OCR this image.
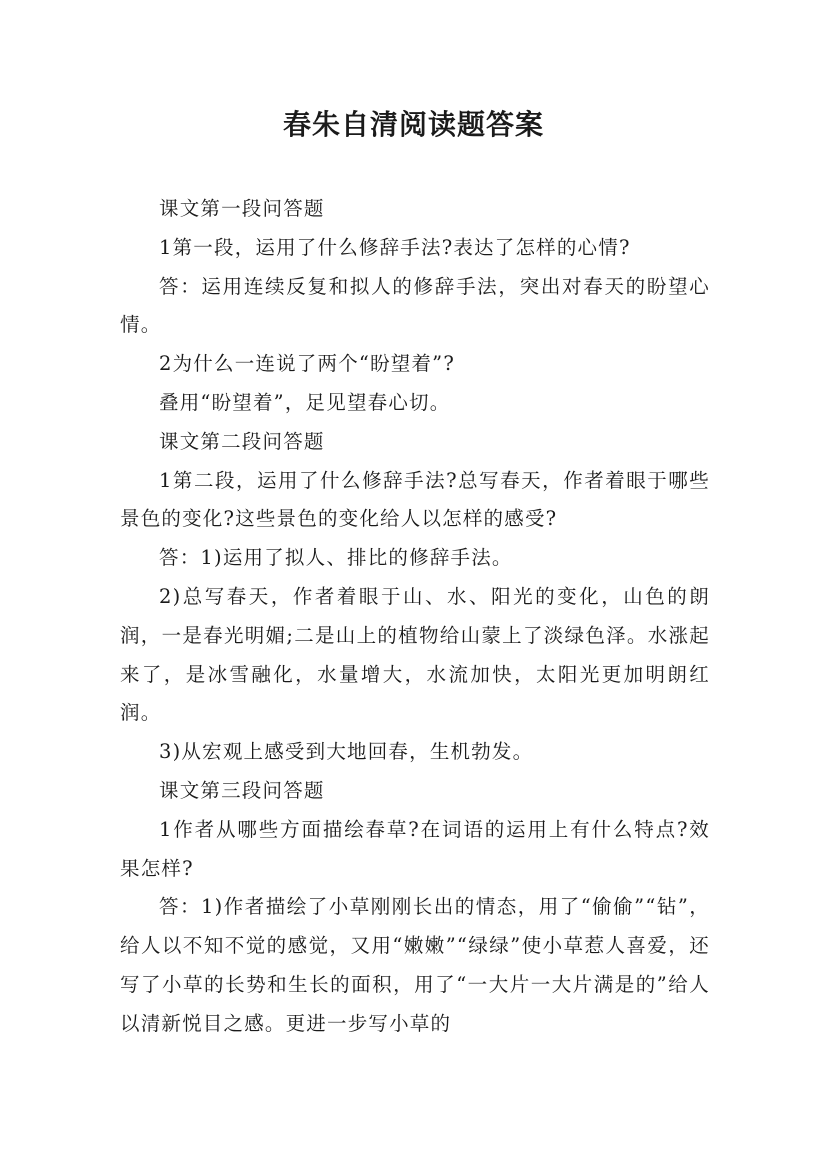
春朱自清阅读题答案

课文第一段问答题

1第一段，运用了什么修辞手法?表达了怎样的心情?

答：运用连续反复和拟人的修辞手法，突出对春天的盼望心情。

2为什么一连说了两个“盼望着”?

叠用“盼望着”，足见望春心切。

课文第二段问答题

1第二段，运用了什么修辞手法?总写春天，作者着眼于哪些景色的变化?这些景色的变化给人以怎样的感受?

答：1)运用了拟人、排比的修辞手法。

2)总写春天，作者着眼于山、水、阳光的变化，山色的朗润，一是春光明媚;二是山上的植物给山蒙上了淡绿色泽。水涨起来了，是冰雪融化，水量增大，水流加快，太阳光更加明朗红润。

3)从宏观上感受到大地回春，生机勃发。

课文第三段问答题

1作者从哪些方面描绘春草?在词语的运用上有什么特点?效果怎样?

答：1)作者描绘了小草刚刚长出的情态，用了“偷偷”“钻”，给人以不知不觉的感觉，又用“嫩嫩”“绿绿”使小草惹人喜爱，还写了小草的长势和生长的面积，用了“一大片一大片满是的”给人以清新悦目之感。更进一步写小草的
